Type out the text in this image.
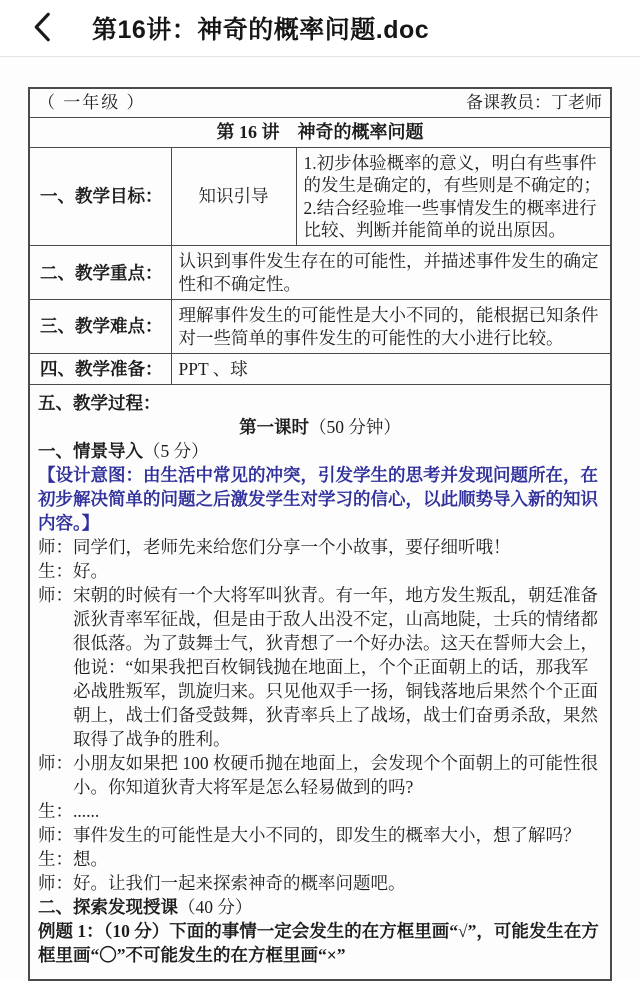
第16讲：神奇的概率问题.doc
（ 一年级 ） 备课教员：丁老师		

第 16 讲　神奇的概率问题		
一、教学目标：	知识引导	1.初步体验概率的意义，明白有些事件的发生是确定的，有些则是不确定的；
2.结合经验堆一些事情发生的概率进行比较、判断并能简单的说出原因。

二、教学重点：	认识到事件发生存在的可能性，并描述事件发生的确定性和不确定性。	
三、教学难点：	理解事件发生的可能性是大小不同的，能根据已知条件对一些简单的事件发生的可能性的大小进行比较。	
四、教学准备：	PPT 、球	

五、教学过程：
第一课时（50 分钟）
一、情景导入（5 分）
【设计意图：由生活中常见的冲突，引发学生的思考并发现问题所在，在初步解决简单的问题之后激发学生对学习的信心，以此顺势导入新的知识内容。】
师：同学们，老师先来给您们分享一个小故事，要仔细听哦！
生：好。
师：宋朝的时候有一个大将军叫狄青。有一年，地方发生叛乱，朝廷准备派狄青率军征战，但是由于敌人出没不定，山高地陡，士兵的情绪都很低落。为了鼓舞士气，狄青想了一个好办法。这天在誓师大会上，他说：“如果我把百枚铜钱抛在地面上，个个正面朝上的话，那我军必战胜叛军，凯旋归来。只见他双手一扬，铜钱落地后果然个个正面朝上，战士们备受鼓舞，狄青率兵上了战场，战士们奋勇杀敌，果然取得了战争的胜利。
师：小朋友如果把 100 枚硬币抛在地面上，会发现个个面朝上的可能性很小。你知道狄青大将军是怎么轻易做到的吗?
生：......
师：事件发生的可能性是大小不同的，即发生的概率大小，想了解吗？
生：想。
师：好。让我们一起来探索神奇的概率问题吧。
二、探索发现授课（40 分）
例题 1：（10 分）下面的事情一定会发生的在方框里画“√”，可能发生在方框里画“〇”不可能发生的在方框里画“×”
